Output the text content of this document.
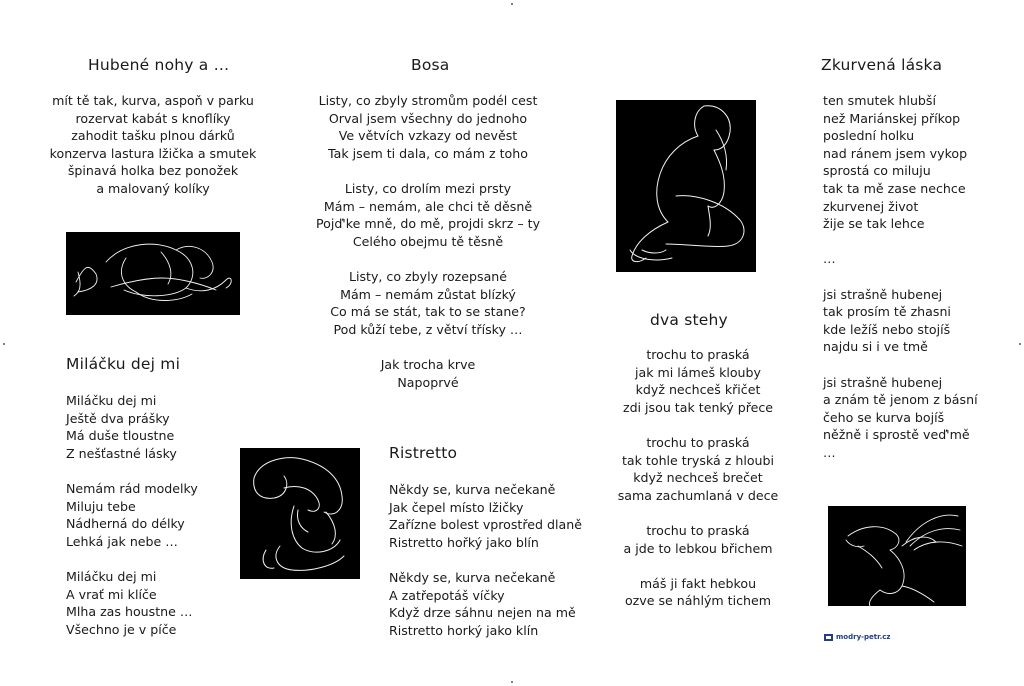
Hubené nohy a …
Miláčku dej mi
Bosa
Ristretto
dva stehy
Zkurvená láska
mít tě tak, kurva, aspoň v parku
rozervat kabát s knoflíky
zahodit tašku plnou dárků
konzerva lastura lžička a smutek
špinavá holka bez ponožek
a malovaný kolíky
Miláčku dej mi
Ještě dva prášky
Má duše tloustne
Z nešťastné lásky
Nemám rád modelky
Miluju tebe
Nádherná do délky
Lehká jak nebe …
Miláčku dej mi
A vrať mi klíče
Mlha zas houstne …
Všechno je v píče
Listy, co zbyly stromům podél cest
Orval jsem všechny do jednoho
Ve větvích vzkazy od nevěst
Tak jsem ti dala, co mám z toho
Listy, co drolím mezi prsty
Mám – nemám, ale chci tě děsně
Pojď'ke mně, do mě, projdi skrz – ty
Celého obejmu tě těsně
Listy, co zbyly rozepsané
Mám – nemám zůstat blízký
Co má se stát, tak to se stane?
Pod kůží tebe, z větví třísky …
Jak trocha krve
Napoprvé
Někdy se, kurva nečekaně
Jak čepel místo lžičky
Zařízne bolest vprostřed dlaně
Ristretto hořký jako blín
Někdy se, kurva nečekaně
A zatřepotáš víčky
Když drze sáhnu nejen na mě
Ristretto horký jako klín
trochu to praská
jak mi lámeš klouby
když nechceš křičet
zdi jsou tak tenký přece
trochu to praská
tak tohle tryská z hloubi
když nechceš brečet
sama zachumlaná v dece
trochu to praská
a jde to lebkou břichem
máš ji fakt hebkou
ozve se náhlým tichem
ten smutek hlubší
než Mariánskej příkop
poslední holku
nad ránem jsem vykop
sprostá co miluju
tak ta mě zase nechce
zkurvenej život
žije se tak lehce
…
jsi strašně hubenej
tak prosím tě zhasni
kde ležíš nebo stojíš
najdu si i ve tmě
jsi strašně hubenej
a znám tě jenom z básní
čeho se kurva bojíš
něžně i sprostě veď'mě
…
modry-petr.cz
